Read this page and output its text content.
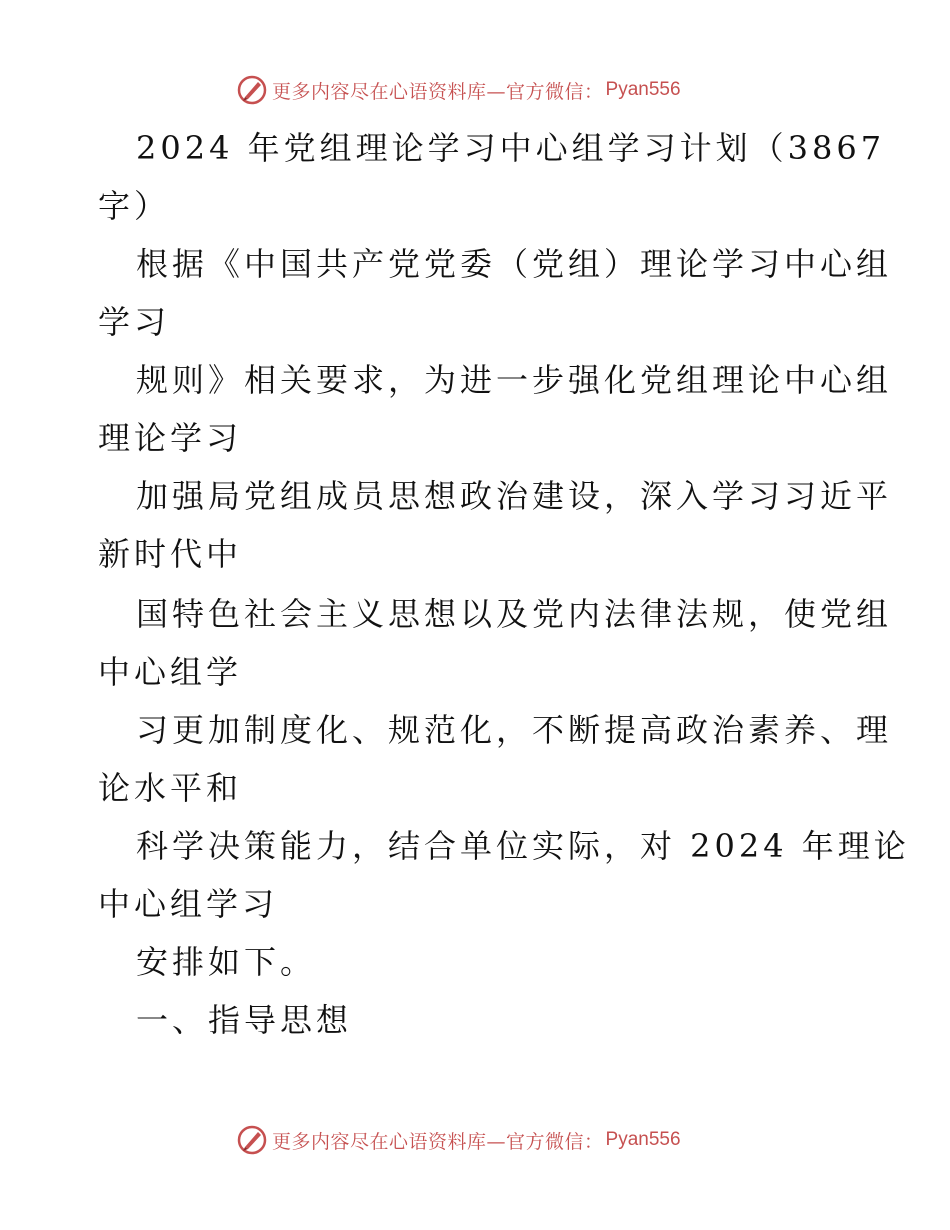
更多内容尽在心语资料库—官方微信： Pyan556
2024 年党组理论学习中心组学习计划（3867
字）
根据《中国共产党党委（党组）理论学习中心组
学习
规则》相关要求，为进一步强化党组理论中心组
理论学习
加强局党组成员思想政治建设，深入学习习近平
新时代中
国特色社会主义思想以及党内法律法规，使党组
中心组学
习更加制度化、规范化，不断提高政治素养、理
论水平和
科学决策能力，结合单位实际，对 2024 年理论
中心组学习
安排如下。
一、指导思想
更多内容尽在心语资料库—官方微信： Pyan556
